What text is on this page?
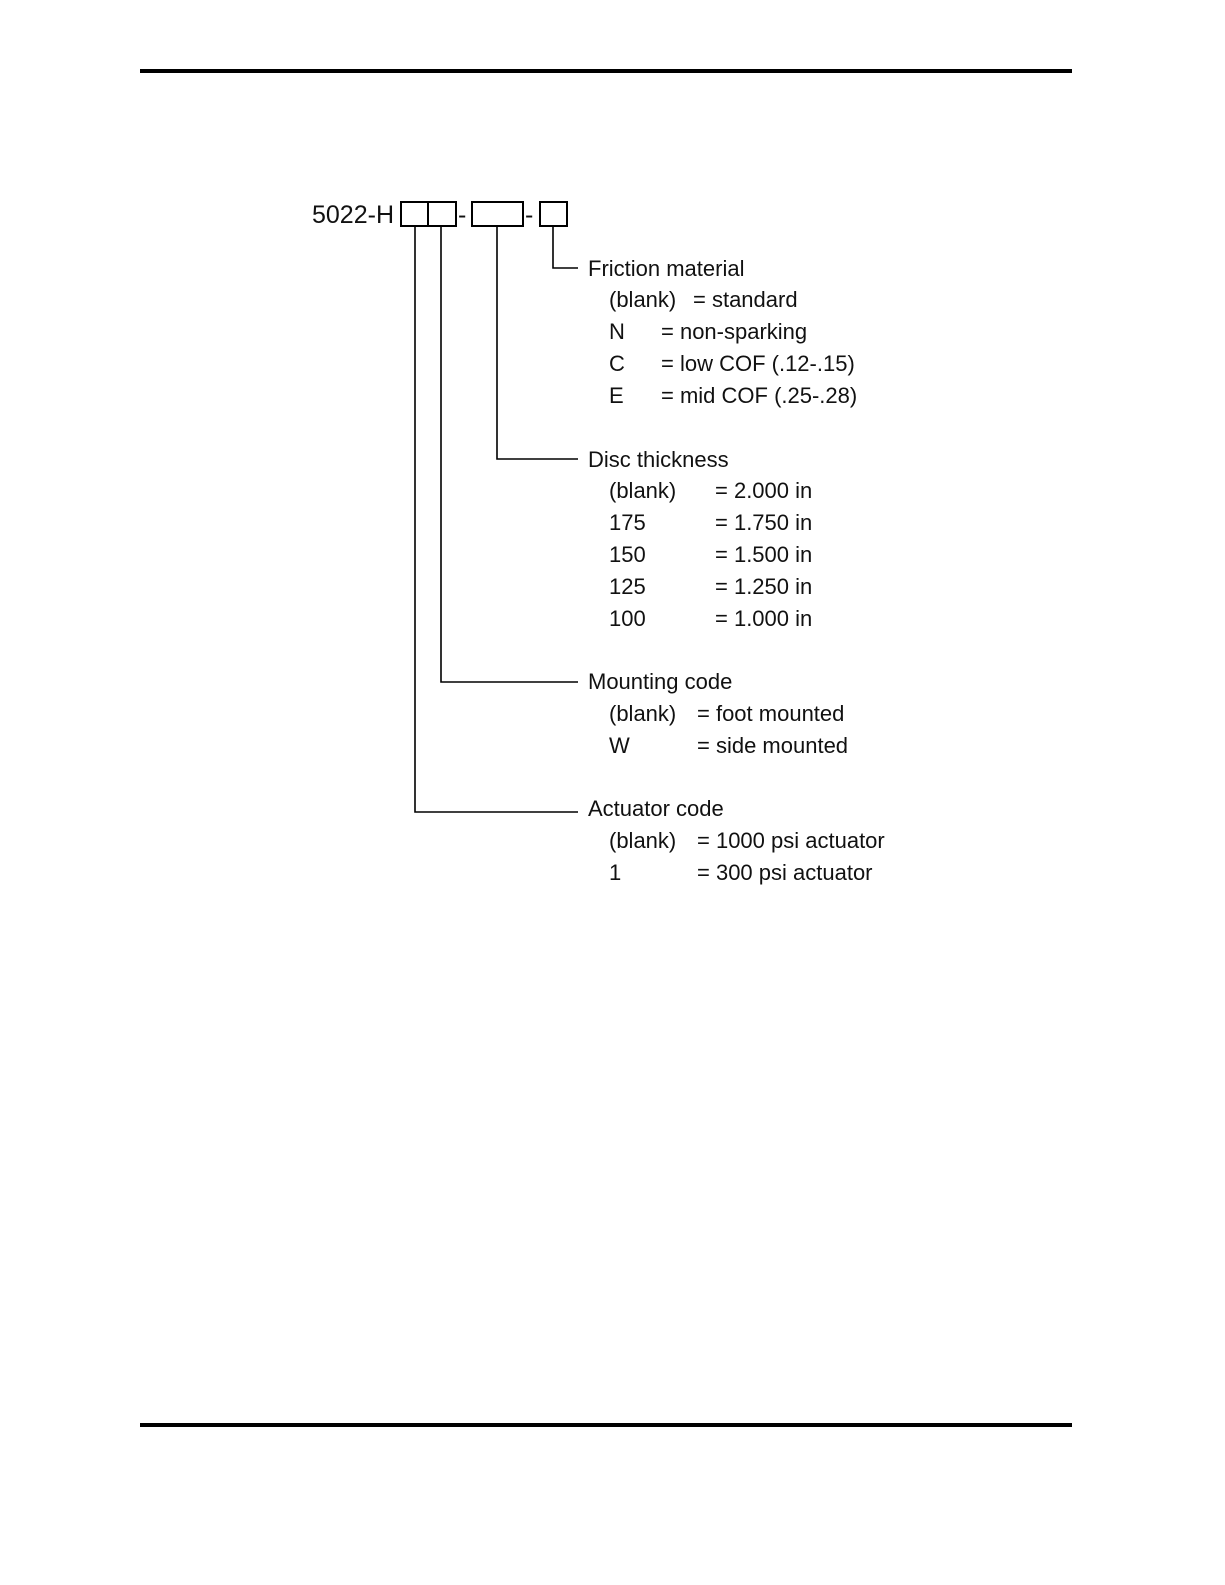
5022-H	- -
Friction material
(blank) = standard
N = non-sparking
C = low COF (.12-.15)
E = mid COF (.25-.28)
Disc thickness
(blank) = 2.000 in
175	= 1.750 in
150	= 1.500 in
125	= 1.250 in
100	= 1.000 in
Mounting code
(blank) = foot mounted
W	= side mounted
Actuator code
(blank) = 1000 psi actuator
1	= 300 psi actuator
